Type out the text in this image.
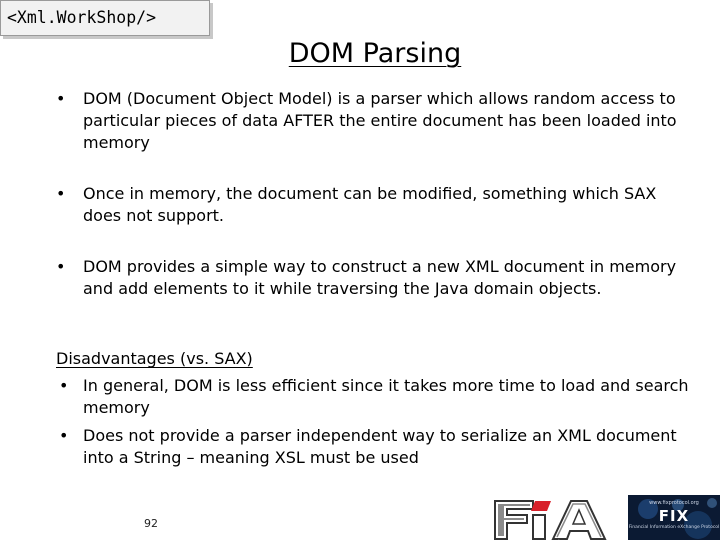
<Xml.WorkShop/>
DOM Parsing
• DOM (Document Object Model) is a parser which allows random access to particular pieces of data AFTER the entire document has been loaded into memory
• Once in memory, the document can be modified, something which SAX does not support.
• DOM provides a simple way to construct a new XML document in memory and add elements to it while traversing the Java domain objects.
Disadvantages (vs. SAX)
• In general, DOM is less efficient since it takes more time to load and search memory
• Does not provide a parser independent way to serialize an XML document into a String – meaning XSL must be used
92	FIX
Financial Information eXchange Protocol
www.fixprotocol.org
